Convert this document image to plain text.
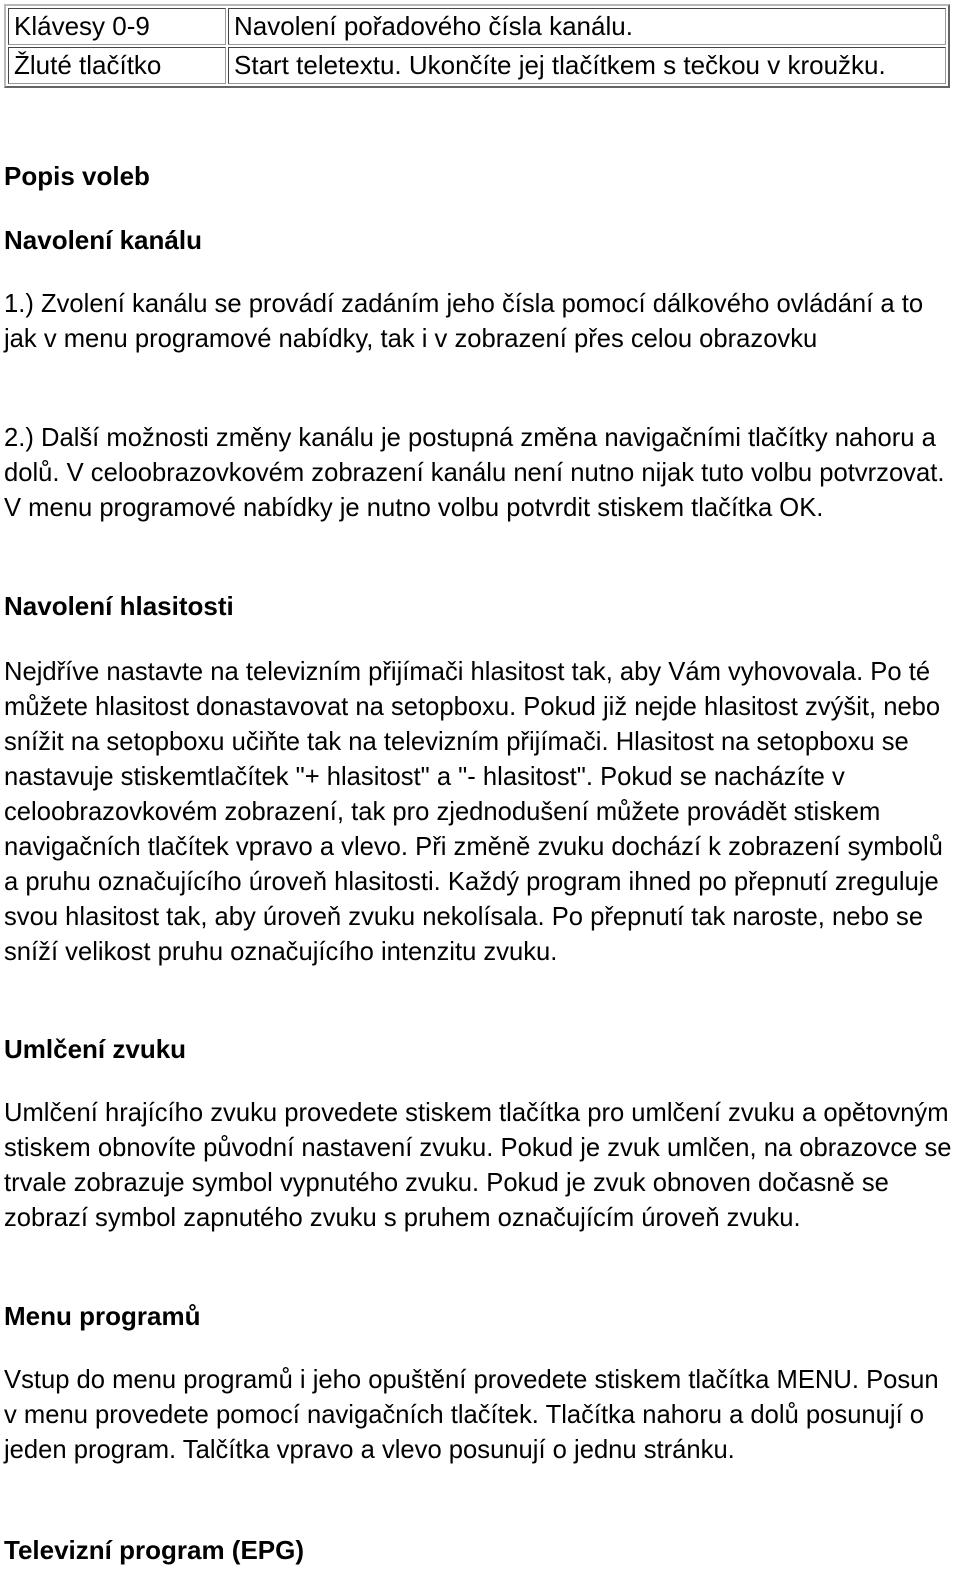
Klávesy 0-9	Navolení pořadového čísla kanálu.
Žluté tlačítko	Start teletextu. Ukončíte jej tlačítkem s tečkou v kroužku.

Popis voleb

Navolení kanálu

1.) Zvolení kanálu se provádí zadáním jeho čísla pomocí dálkového ovládání a to jak v menu programové nabídky, tak i v zobrazení přes celou obrazovku

2.) Další možnosti změny kanálu je postupná změna navigačními tlačítky nahoru a dolů. V celoobrazovkovém zobrazení kanálu není nutno nijak tuto volbu potvrzovat. V menu programové nabídky je nutno volbu potvrdit stiskem tlačítka OK.

Navolení hlasitosti

Nejdříve nastavte na televizním přijímači hlasitost tak, aby Vám vyhovovala. Po té můžete hlasitost donastavovat na setopboxu. Pokud již nejde hlasitost zvýšit, nebo snížit na setopboxu učiňte tak na televizním přijímači. Hlasitost na setopboxu se nastavuje stiskemtlačítek "+ hlasitost" a "- hlasitost". Pokud se nacházíte v celoobrazovkovém zobrazení, tak pro zjednodušení můžete provádět stiskem navigačních tlačítek vpravo a vlevo. Při změně zvuku dochází k zobrazení symbolů a pruhu označujícího úroveň hlasitosti. Každý program ihned po přepnutí zreguluje svou hlasitost tak, aby úroveň zvuku nekolísala. Po přepnutí tak naroste, nebo se sníží velikost pruhu označujícího intenzitu zvuku.

Umlčení zvuku

Umlčení hrajícího zvuku provedete stiskem tlačítka pro umlčení zvuku a opětovným stiskem obnovíte původní nastavení zvuku. Pokud je zvuk umlčen, na obrazovce se trvale zobrazuje symbol vypnutého zvuku. Pokud je zvuk obnoven dočasně se zobrazí symbol zapnutého zvuku s pruhem označujícím úroveň zvuku.

Menu programů

Vstup do menu programů i jeho opuštění provedete stiskem tlačítka MENU. Posun v menu provedete pomocí navigačních tlačítek. Tlačítka nahoru a dolů posunují o jeden program. Talčítka vpravo a vlevo posunují o jednu stránku.

Televizní program (EPG)
